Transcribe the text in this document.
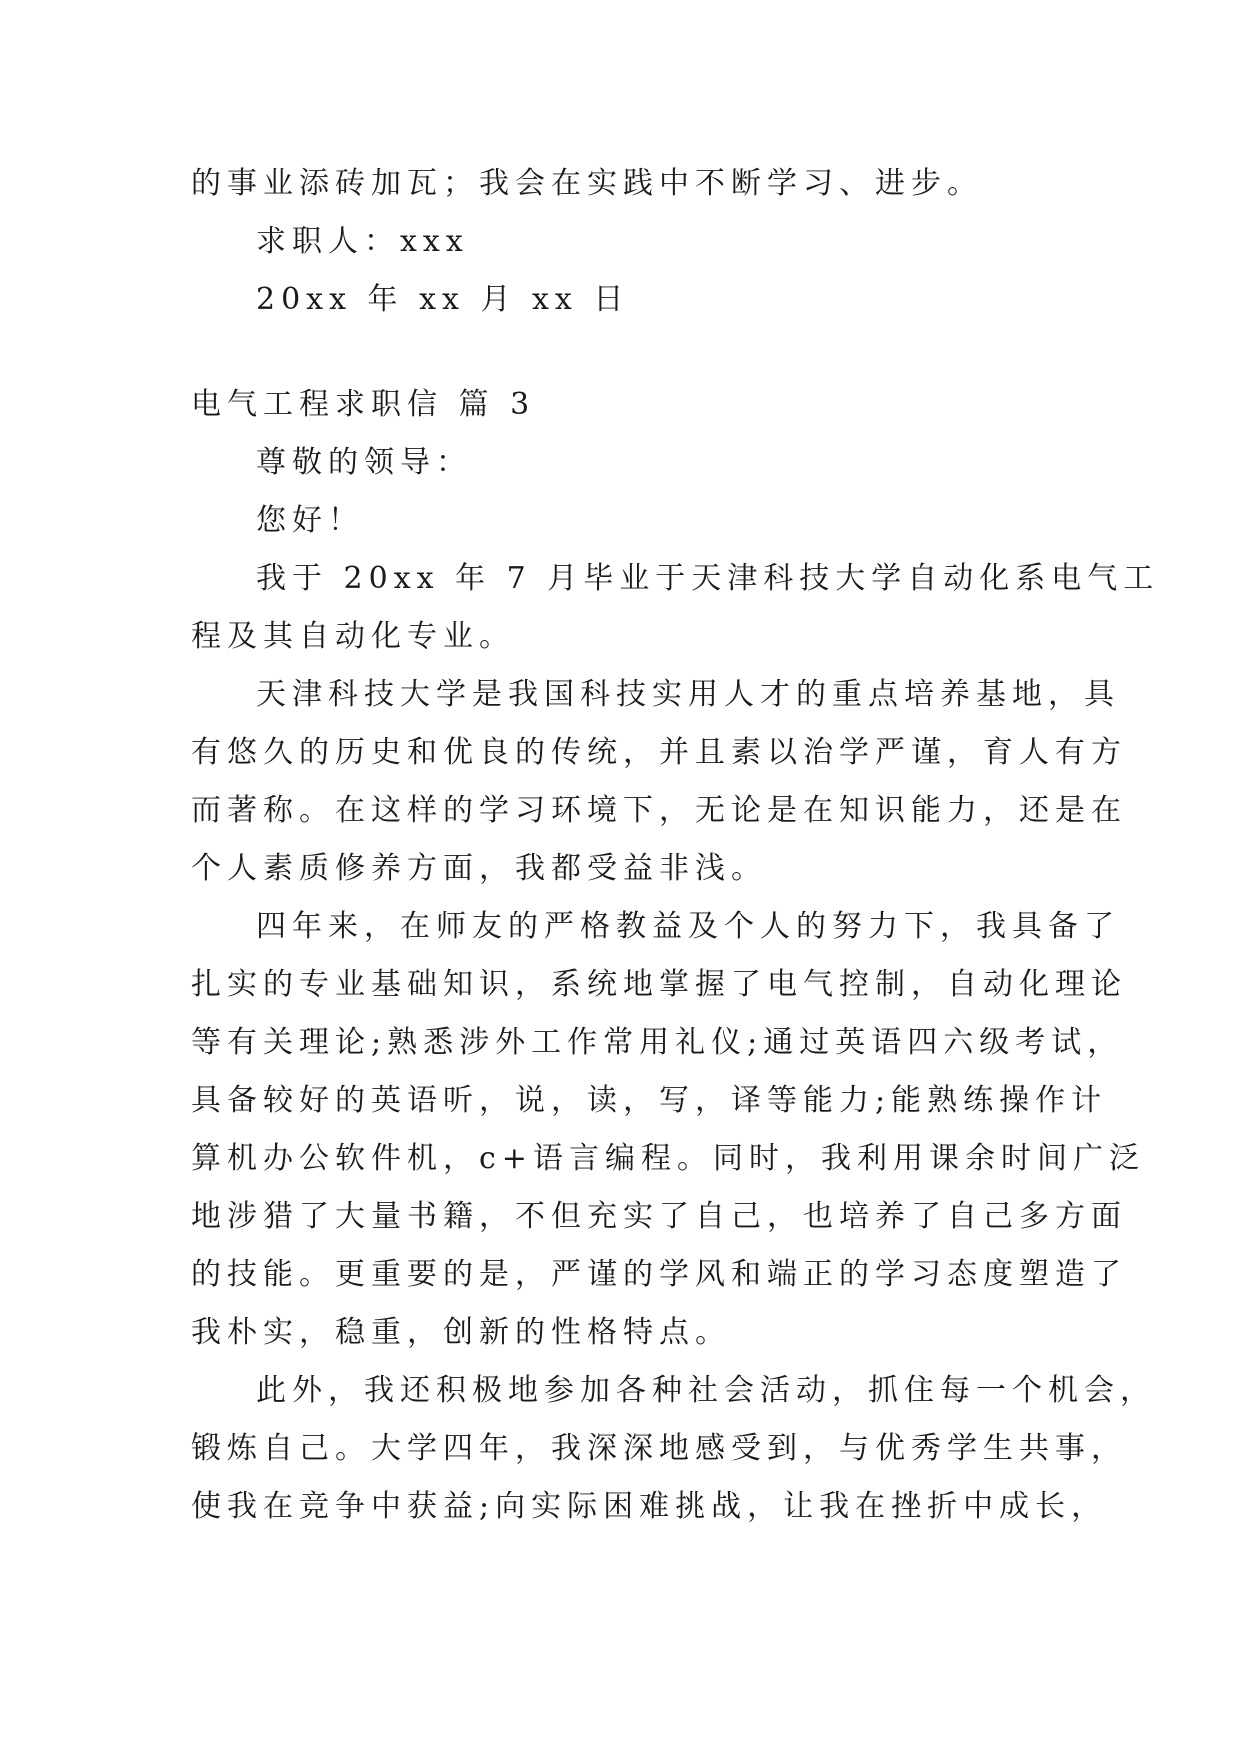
的事业添砖加瓦；我会在实践中不断学习、进步。
求职人：xxx
20xx 年 xx 月 xx 日
电气工程求职信 篇 3
尊敬的领导：
您好！
我于 20xx 年 7 月毕业于天津科技大学自动化系电气工
程及其自动化专业。
天津科技大学是我国科技实用人才的重点培养基地，具
有悠久的历史和优良的传统，并且素以治学严谨，育人有方
而著称。在这样的学习环境下，无论是在知识能力，还是在
个人素质修养方面，我都受益非浅。
四年来，在师友的严格教益及个人的努力下，我具备了
扎实的专业基础知识，系统地掌握了电气控制，自动化理论
等有关理论;熟悉涉外工作常用礼仪;通过英语四六级考试，
具备较好的英语听，说，读，写，译等能力;能熟练操作计
算机办公软件机，c+语言编程。同时，我利用课余时间广泛
地涉猎了大量书籍，不但充实了自己，也培养了自己多方面
的技能。更重要的是，严谨的学风和端正的学习态度塑造了
我朴实，稳重，创新的性格特点。
此外，我还积极地参加各种社会活动，抓住每一个机会，
锻炼自己。大学四年，我深深地感受到，与优秀学生共事，
使我在竞争中获益;向实际困难挑战，让我在挫折中成长，
